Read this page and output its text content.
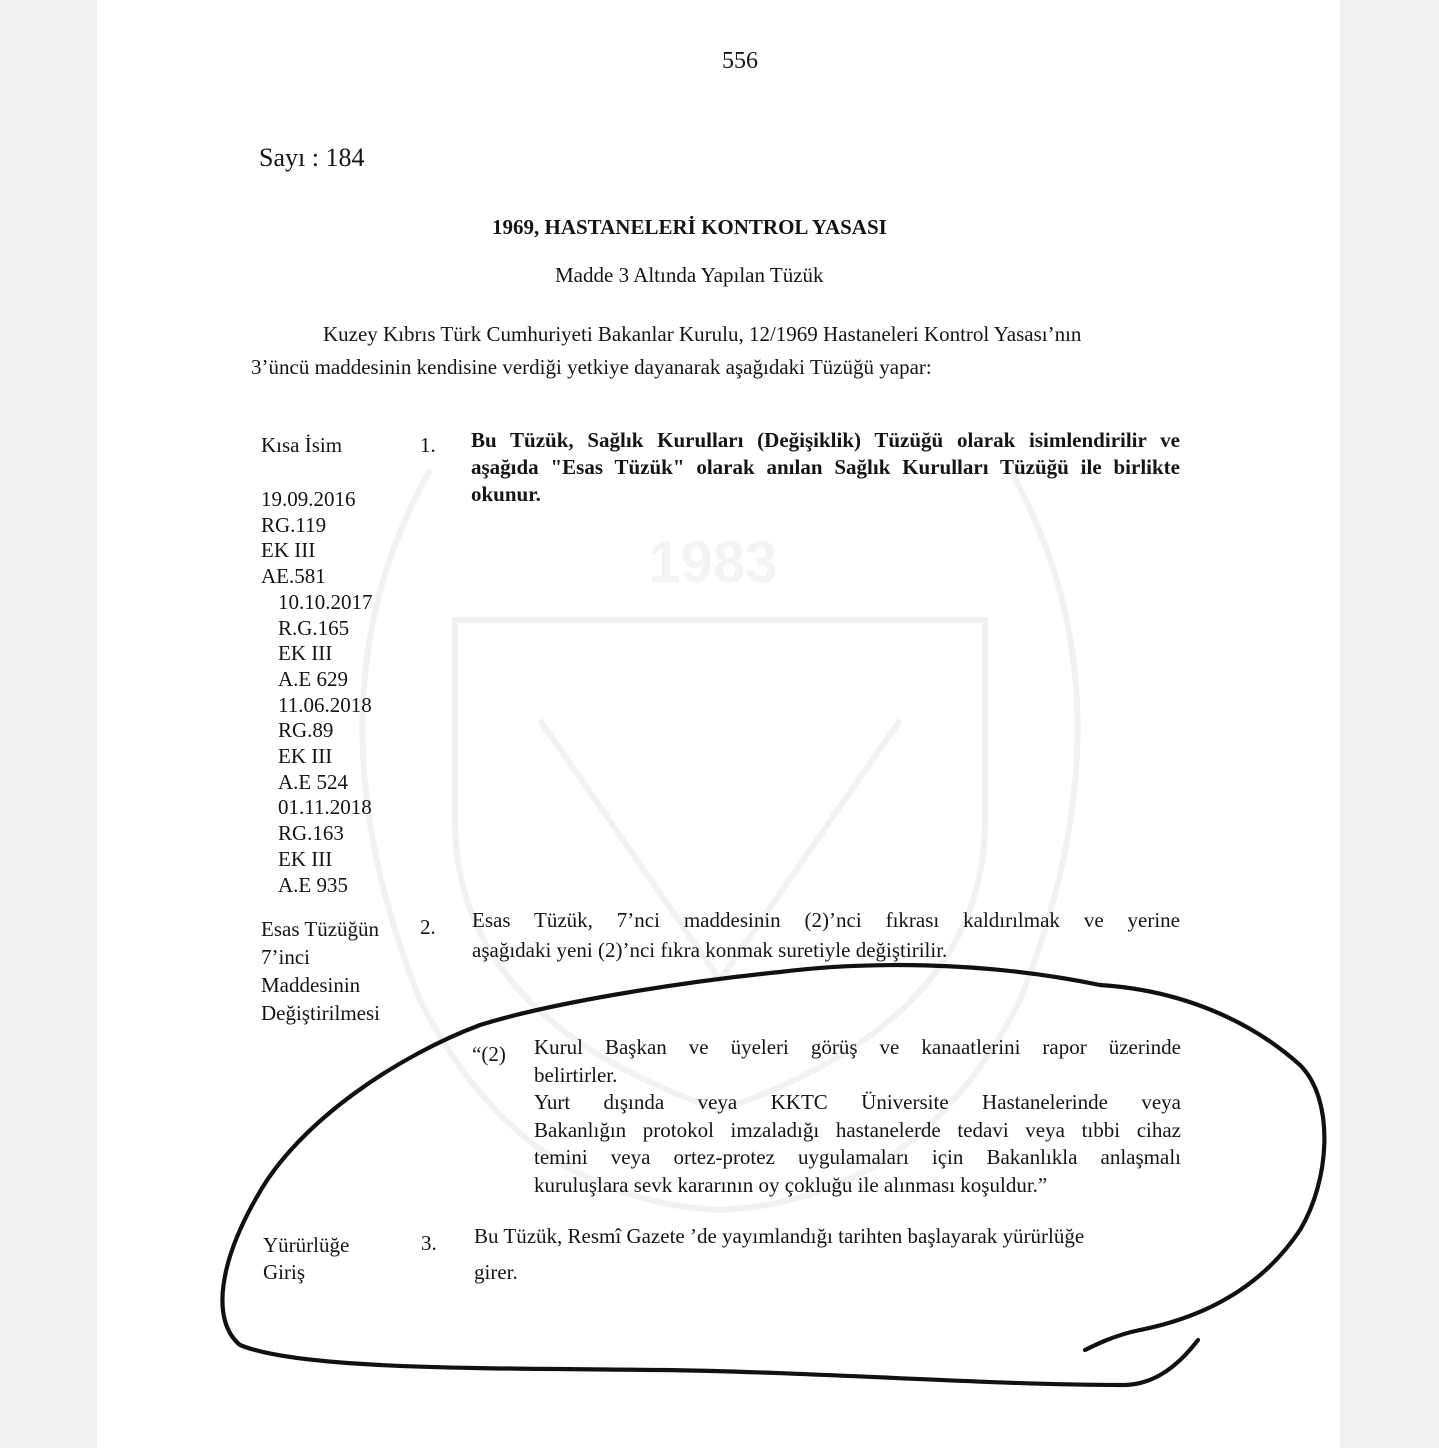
1983
556
Sayı : 184
1969, HASTANELERİ KONTROL YASASI
Madde 3 Altında Yapılan Tüzük
Kuzey Kıbrıs Türk Cumhuriyeti Bakanlar Kurulu, 12/1969 Hastaneleri Kontrol Yasası’nın
3’üncü maddesinin kendisine verdiği yetkiye dayanarak aşağıdaki Tüzüğü yapar:
Kısa İsim	1. Bu Tüzük, Sağlık Kurulları (Değişiklik) Tüzüğü olarak isimlendirilir ve
aşağıda "Esas Tüzük" olarak anılan Sağlık Kurulları Tüzüğü ile birlikte
okunur.
19.09.2016
RG.119
EK III
AE.581
10.10.2017
R.G.165
EK III
A.E 629
11.06.2018
RG.89
EK III
A.E 524
01.11.2018
RG.163
EK III
A.E 935
Esas Tüzüğün
7’inci
Maddesinin
Değiştirilmesi
2. Esas Tüzük, 7’nci maddesinin (2)’nci fıkrası kaldırılmak ve yerine
aşağıdaki yeni (2)’nci fıkra konmak suretiyle değiştirilir.
“(2) Kurul Başkan ve üyeleri görüş ve kanaatlerini rapor üzerinde
belirtirler.
Yurt dışında veya KKTC Üniversite Hastanelerinde veya
Bakanlığın protokol imzaladığı hastanelerde tedavi veya tıbbi cihaz
temini veya ortez-protez uygulamaları için Bakanlıkla anlaşmalı
kuruluşlara sevk kararının oy çokluğu ile alınması koşuldur.”
Yürürlüğe
Giriş
3. Bu Tüzük, Resmî Gazete ’de yayımlandığı tarihten başlayarak yürürlüğe
girer.
